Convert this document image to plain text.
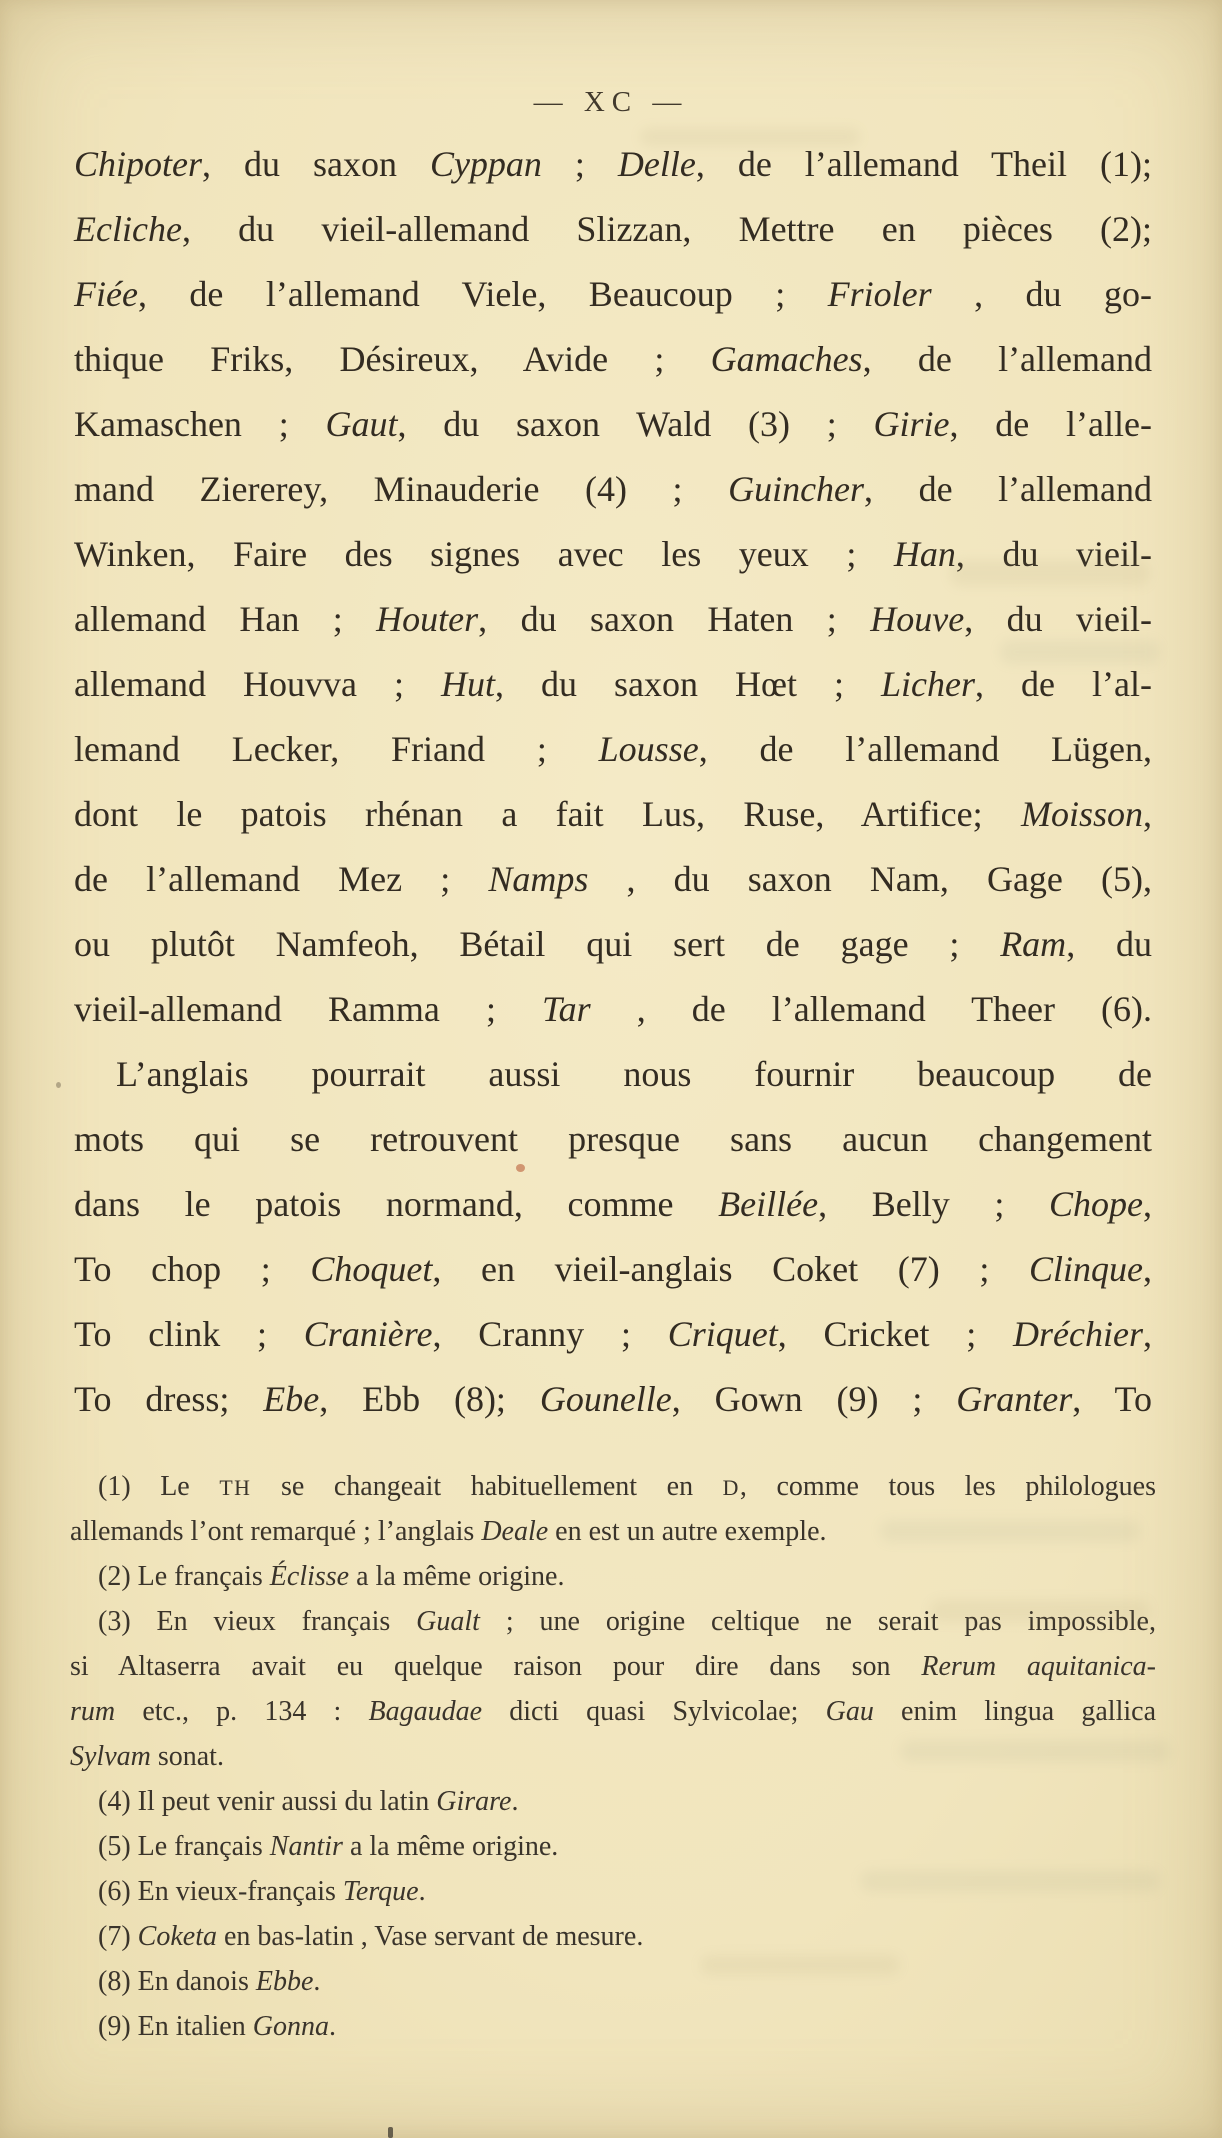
— XC —
Chipoter, du saxon Cyppan ; Delle, de l’allemand Theil (1);
Ecliche, du vieil-allemand Slizzan, Mettre en pièces (2);
Fiée, de l’allemand Viele, Beaucoup ; Frioler , du go-
thique Friks, Désireux, Avide ; Gamaches, de l’allemand
Kamaschen ; Gaut, du saxon Wald (3) ; Girie, de l’alle-
mand Ziererey, Minauderie (4) ; Guincher, de l’allemand
Winken, Faire des signes avec les yeux ; Han, du vieil-
allemand Han ; Houter, du saxon Haten ; Houve, du vieil-
allemand Houvva ; Hut, du saxon Hœt ; Licher, de l’al-
lemand Lecker, Friand ; Lousse, de l’allemand Lügen,
dont le patois rhénan a fait Lus, Ruse, Artifice; Moisson,
de l’allemand Mez ; Namps , du saxon Nam, Gage (5),
ou plutôt Namfeoh, Bétail qui sert de gage ; Ram, du
vieil-allemand Ramma ; Tar , de l’allemand Theer (6).
L’anglais pourrait aussi nous fournir beaucoup de
mots qui se retrouvent presque sans aucun changement
dans le patois normand, comme Beillée, Belly ; Chope,
To chop ; Choquet, en vieil-anglais Coket (7) ; Clinque,
To clink ; Cranière, Cranny ; Criquet, Cricket ; Dréchier,
To dress; Ebe, Ebb (8); Gounelle, Gown (9) ; Granter, To
(1) Le TH se changeait habituellement en D, comme tous les philologues
allemands l’ont remarqué ; l’anglais Deale en est un autre exemple.
(2) Le français Éclisse a la même origine.
(3) En vieux français Gualt ; une origine celtique ne serait pas impossible,
si Altaserra avait eu quelque raison pour dire dans son Rerum aquitanica-
rum etc., p. 134 : Bagaudae dicti quasi Sylvicolae; Gau enim lingua gallica
Sylvam sonat.
(4) Il peut venir aussi du latin Girare.
(5) Le français Nantir a la même origine.
(6) En vieux-français Terque.
(7) Coketa en bas-latin , Vase servant de mesure.
(8) En danois Ebbe.
(9) En italien Gonna.
